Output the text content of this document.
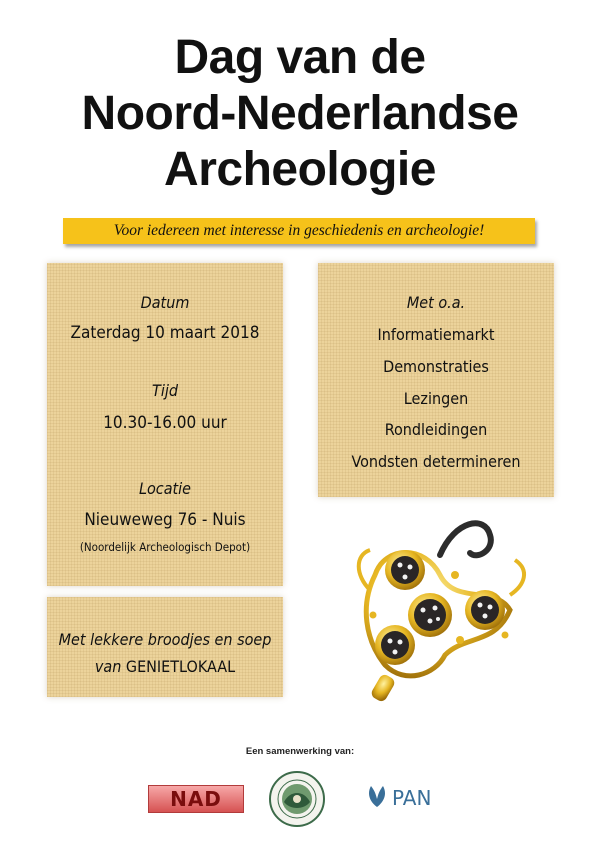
Dag van de
Noord-Nederlandse
Archeologie
Voor iedereen met interesse in geschiedenis en archeologie!
Datum
Zaterdag 10 maart 2018
Tijd
10.30-16.00 uur
Locatie
Nieuweweg 76 - Nuis
(Noordelijk Archeologisch Depot)
Met o.a.
Informatiemarkt
Demonstraties
Lezingen
Rondleidingen
Vondsten determineren
Met lekkere broodjes en soep
van GENIETLOKAAL
Een samenwerking van:
NAD	PAN
